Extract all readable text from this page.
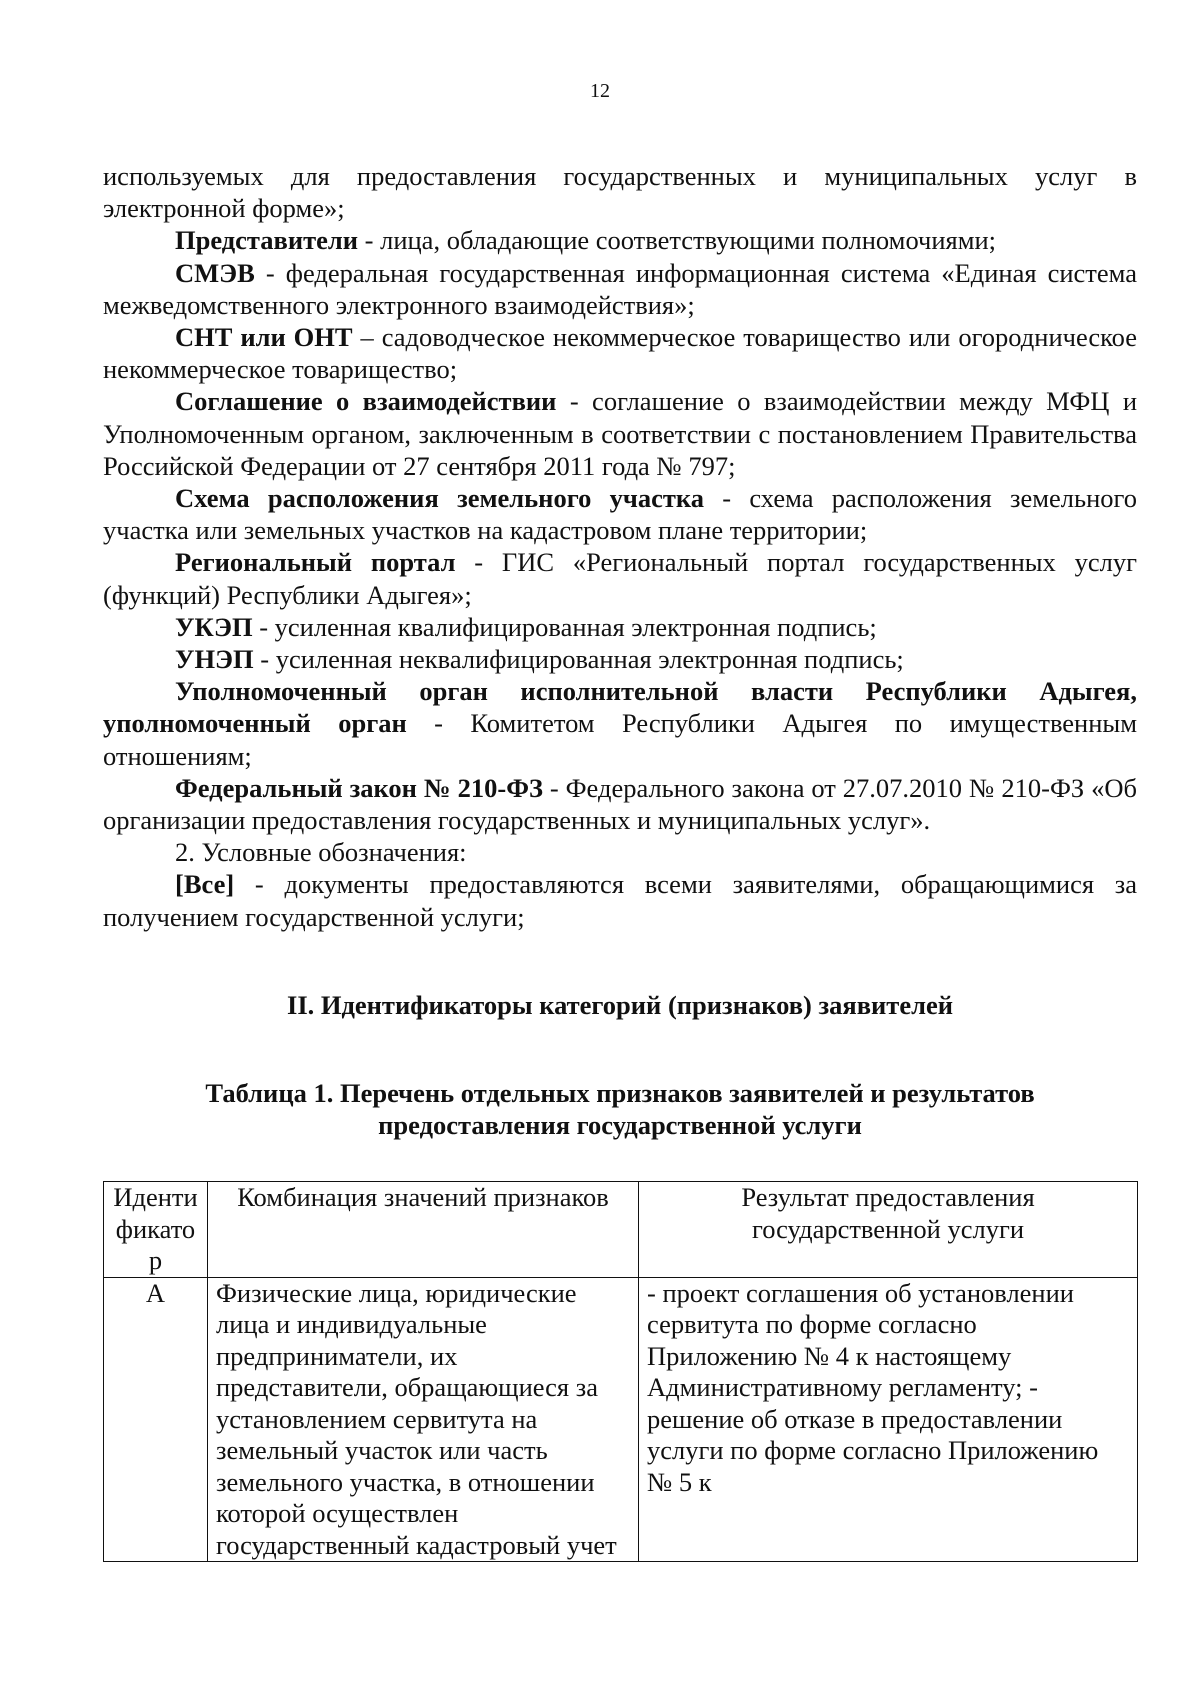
12

используемых для предоставления государственных и муниципальных услуг в электронной форме»;

Представители - лица, обладающие соответствующими полномочиями;

СМЭВ - федеральная государственная информационная система «Единая система межведомственного электронного взаимодействия»;

СНТ или ОНТ – садоводческое некоммерческое товарищество или огородническое некоммерческое товарищество;

Соглашение о взаимодействии - соглашение о взаимодействии между МФЦ и Уполномоченным органом, заключенным в соответствии с постановлением Правительства Российской Федерации от 27 сентября 2011 года № 797;

Схема расположения земельного участка - схема расположения земельного участка или земельных участков на кадастровом плане территории;

Региональный портал - ГИС «Региональный портал государственных услуг (функций) Республики Адыгея»;

УКЭП - усиленная квалифицированная электронная подпись;

УНЭП - усиленная неквалифицированная электронная подпись;

Уполномоченный орган исполнительной власти Республики Адыгея, уполномоченный орган - Комитетом Республики Адыгея по имущественным отношениям;

Федеральный закон № 210-ФЗ - Федерального закона от 27.07.2010 № 210-ФЗ «Об организации предоставления государственных и муниципальных услуг».

2. Условные обозначения:

[Все] - документы предоставляются всеми заявителями, обращающимися за получением государственной услуги;

II. Идентификаторы категорий (признаков) заявителей
Таблица 1. Перечень отдельных признаков заявителей и результатов
предоставления государственной услуги
Иденти фикато р	Комбинация значений признаков	Результат предоставления государственной услуги
А	Физические лица, юридические лица и индивидуальные предприниматели, их представители, обращающиеся за установлением сервитута на земельный участок или часть земельного участка, в отношении которой осуществлен государственный кадастровый учет	- проект соглашения об установлении сервитута по форме согласно Приложению № 4 к настоящему Административному регламенту; - решение об отказе в предоставлении услуги по форме согласно Приложению № 5 к
